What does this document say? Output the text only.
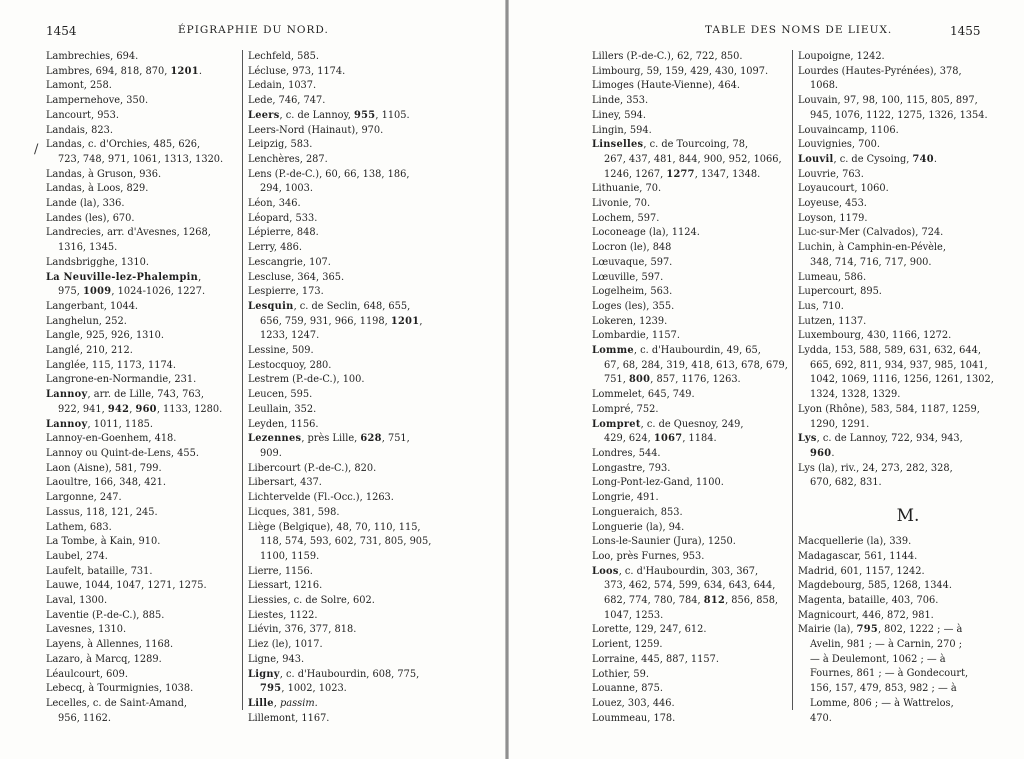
1454	ÉPIGRAPHIE DU NORD.
/
Lambrechies, 694.
Lambres, 694, 818, 870, 1201.
Lamont, 258.
Lampernehove, 350.
Lancourt, 953.
Landais, 823.
Landas, c. d'Orchies, 485, 626,

723, 748, 971, 1061, 1313, 1320.
Landas, à Gruson, 936.
Landas, à Loos, 829.
Lande (la), 336.
Landes (les), 670.
Landrecies, arr. d'Avesnes, 1268,

1316, 1345.
Landsbrigghe, 1310.
La Neuville-lez-Phalempin,

975, 1009, 1024-1026, 1227.
Langerbant, 1044.
Langhelun, 252.
Langle, 925, 926, 1310.
Langlé, 210, 212.
Langlée, 115, 1173, 1174.
Langrone-en-Normandie, 231.
Lannoy, arr. de Lille, 743, 763,

922, 941, 942, 960, 1133, 1280.
Lannoy, 1011, 1185.
Lannoy-en-Goenhem, 418.
Lannoy ou Quint-de-Lens, 455.
Laon (Aisne), 581, 799.
Laoultre, 166, 348, 421.
Largonne, 247.
Lassus, 118, 121, 245.
Lathem, 683.
La Tombe, à Kain, 910.
Laubel, 274.
Laufelt, bataille, 731.
Lauwe, 1044, 1047, 1271, 1275.
Laval, 1300.
Laventie (P.-de-C.), 885.
Lavesnes, 1310.
Layens, à Allennes, 1168.
Lazaro, à Marcq, 1289.
Léaulcourt, 609.
Lebecq, à Tourmignies, 1038.
Lecelles, c. de Saint-Amand,

956, 1162.
Lechfeld, 585.
Lécluse, 973, 1174.
Ledain, 1037.
Lede, 746, 747.
Leers, c. de Lannoy, 955, 1105.
Leers-Nord (Hainaut), 970.
Leipzig, 583.
Lenchères, 287.
Lens (P.-de-C.), 60, 66, 138, 186,

294, 1003.
Léon, 346.
Léopard, 533.
Lépierre, 848.
Lerry, 486.
Lescangrie, 107.
Lescluse, 364, 365.
Lespierre, 173.
Lesquin, c. de Seclin, 648, 655,

656, 759, 931, 966, 1198, 1201,
1233, 1247.
Lessine, 509.
Lestocquoy, 280.
Lestrem (P.-de-C.), 100.
Leucen, 595.
Leullain, 352.
Leyden, 1156.
Lezennes, près Lille, 628, 751,

909.
Libercourt (P.-de-C.), 820.
Libersart, 437.
Lichtervelde (Fl.-Occ.), 1263.
Licques, 381, 598.
Liège (Belgique), 48, 70, 110, 115,

118, 574, 593, 602, 731, 805, 905,
1100, 1159.
Lierre, 1156.
Liessart, 1216.
Liessies, c. de Solre, 602.
Liestes, 1122.
Liévin, 376, 377, 818.
Liez (le), 1017.
Ligne, 943.
Ligny, c. d'Haubourdin, 608, 775,

795, 1002, 1023.
Lille, passim.
Lillemont, 1167.
TABLE DES NOMS DE LIEUX.	1455
Lillers (P.-de-C.), 62, 722, 850.
Limbourg, 59, 159, 429, 430, 1097.
Limoges (Haute-Vienne), 464.
Linde, 353.
Liney, 594.
Lingin, 594.
Linselles, c. de Tourcoing, 78,

267, 437, 481, 844, 900, 952, 1066,
1246, 1267, 1277, 1347, 1348.
Lithuanie, 70.
Livonie, 70.
Lochem, 597.
Loconeage (la), 1124.
Locron (le), 848
Lœuvaque, 597.
Lœuville, 597.
Logelheim, 563.
Loges (les), 355.
Lokeren, 1239.
Lombardie, 1157.
Lomme, c. d'Haubourdin, 49, 65,

67, 68, 284, 319, 418, 613, 678, 679,
751, 800, 857, 1176, 1263.
Lommelet, 645, 749.
Lompré, 752.
Lompret, c. de Quesnoy, 249,

429, 624, 1067, 1184.
Londres, 544.
Longastre, 793.
Long-Pont-lez-Gand, 1100.
Longrie, 491.
Longueraich, 853.
Longuerie (la), 94.
Lons-le-Saunier (Jura), 1250.
Loo, près Furnes, 953.
Loos, c. d'Haubourdin, 303, 367,

373, 462, 574, 599, 634, 643, 644,
682, 774, 780, 784, 812, 856, 858,
1047, 1253.
Lorette, 129, 247, 612.
Lorient, 1259.
Lorraine, 445, 887, 1157.
Lothier, 59.
Louanne, 875.
Louez, 303, 446.
Loummeau, 178.
Loupoigne, 1242.
Lourdes (Hautes-Pyrénées), 378,

1068.
Louvain, 97, 98, 100, 115, 805, 897,

945, 1076, 1122, 1275, 1326, 1354.
Louvaincamp, 1106.
Louvignies, 700.
Louvil, c. de Cysoing, 740.
Louvrie, 763.
Loyaucourt, 1060.
Loyeuse, 453.
Loyson, 1179.
Luc-sur-Mer (Calvados), 724.
Luchin, à Camphin-en-Pévèle,

348, 714, 716, 717, 900.
Lumeau, 586.
Lupercourt, 895.
Lus, 710.
Lutzen, 1137.
Luxembourg, 430, 1166, 1272.
Lydda, 153, 588, 589, 631, 632, 644,

665, 692, 811, 934, 937, 985, 1041,
1042, 1069, 1116, 1256, 1261, 1302,
1324, 1328, 1329.
Lyon (Rhône), 583, 584, 1187, 1259,

1290, 1291.
Lys, c. de Lannoy, 722, 934, 943,

960.
Lys (la), riv., 24, 273, 282, 328,

670, 682, 831.
M.
Macquellerie (la), 339.
Madagascar, 561, 1144.
Madrid, 601, 1157, 1242.
Magdebourg, 585, 1268, 1344.
Magenta, bataille, 403, 706.
Magnicourt, 446, 872, 981.
Mairie (la), 795, 802, 1222 ; — à

Avelin, 981 ; — à Carnin, 270 ;
— à Deulemont, 1062 ; — à
Fournes, 861 ; — à Gondecourt,
156, 157, 479, 853, 982 ; — à
Lomme, 806 ; — à Wattrelos,
470.
